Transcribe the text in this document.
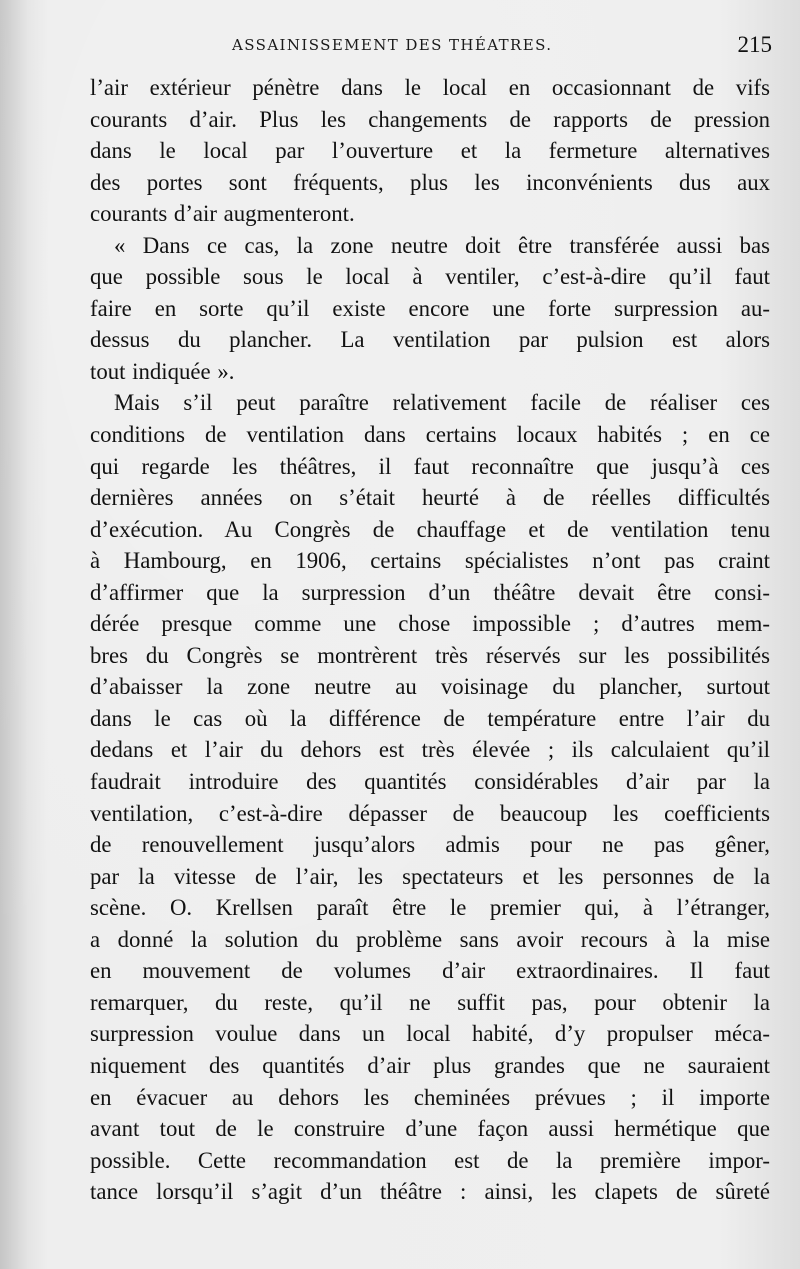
ASSAINISSEMENT DES THÉATRES.	215
l’air extérieur pénètre dans le local en occasionnant de vifs
courants d’air. Plus les changements de rapports de pression
dans le local par l’ouverture et la fermeture alternatives
des portes sont fréquents, plus les inconvénients dus aux
courants d’air augmenteront.
« Dans ce cas, la zone neutre doit être transférée aussi bas
que possible sous le local à ventiler, c’est-à-dire qu’il faut
faire en sorte qu’il existe encore une forte surpression au-
dessus du plancher. La ventilation par pulsion est alors
tout indiquée ».
Mais s’il peut paraître relativement facile de réaliser ces
conditions de ventilation dans certains locaux habités ; en ce
qui regarde les théâtres, il faut reconnaître que jusqu’à ces
dernières années on s’était heurté à de réelles difficultés
d’exécution. Au Congrès de chauffage et de ventilation tenu
à Hambourg, en 1906, certains spécialistes n’ont pas craint
d’affirmer que la surpression d’un théâtre devait être consi-
dérée presque comme une chose impossible ; d’autres mem-
bres du Congrès se montrèrent très réservés sur les possibilités
d’abaisser la zone neutre au voisinage du plancher, surtout
dans le cas où la différence de température entre l’air du
dedans et l’air du dehors est très élevée ; ils calculaient qu’il
faudrait introduire des quantités considérables d’air par la
ventilation, c’est-à-dire dépasser de beaucoup les coefficients
de renouvellement jusqu’alors admis pour ne pas gêner,
par la vitesse de l’air, les spectateurs et les personnes de la
scène. O. Krellsen paraît être le premier qui, à l’étranger,
a donné la solution du problème sans avoir recours à la mise
en mouvement de volumes d’air extraordinaires. Il faut
remarquer, du reste, qu’il ne suffit pas, pour obtenir la
surpression voulue dans un local habité, d’y propulser méca-
niquement des quantités d’air plus grandes que ne sauraient
en évacuer au dehors les cheminées prévues ; il importe
avant tout de le construire d’une façon aussi hermétique que
possible. Cette recommandation est de la première impor-
tance lorsqu’il s’agit d’un théâtre : ainsi, les clapets de sûreté
